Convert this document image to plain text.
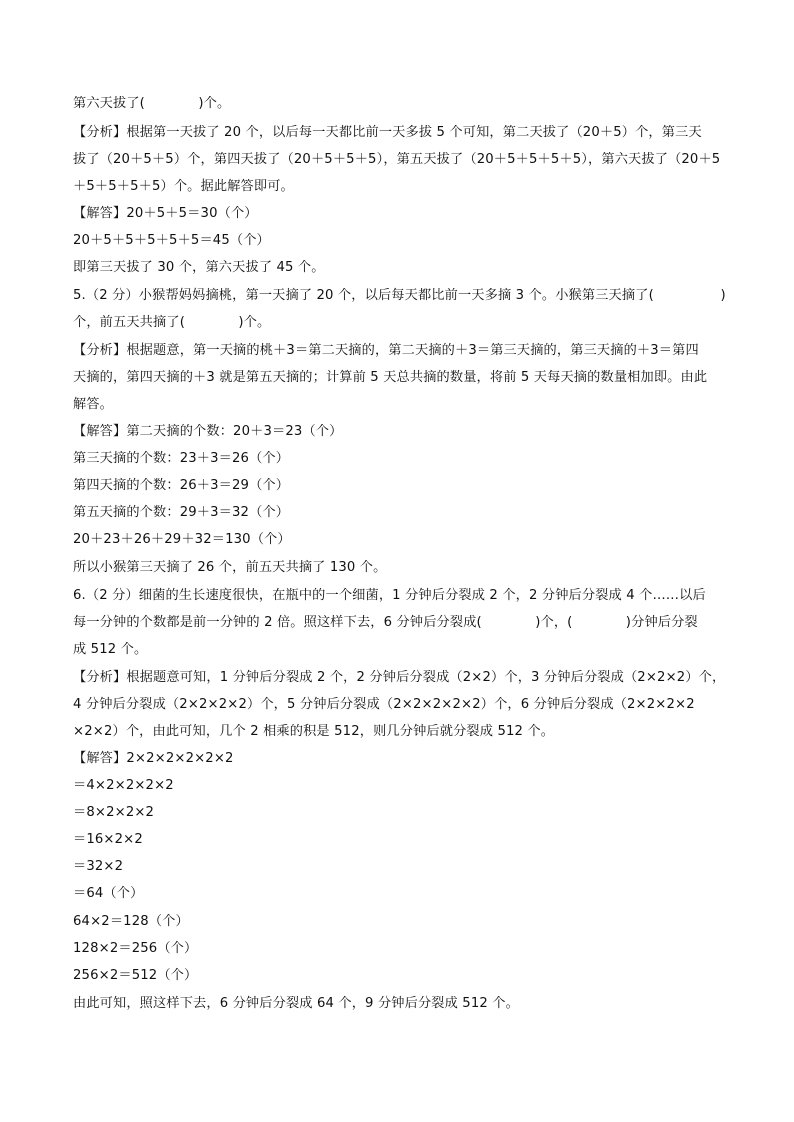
第六天拔了(　　　　)个。
【分析】根据第一天拔了 20 个，以后每一天都比前一天多拔 5 个可知，第二天拔了（20＋5）个，第三天
拔了（20＋5＋5）个，第四天拔了（20＋5＋5＋5），第五天拔了（20＋5＋5＋5＋5），第六天拔了（20＋5
＋5＋5＋5＋5）个。据此解答即可。
【解答】20＋5＋5＝30（个）
20＋5＋5＋5＋5＋5＝45（个）
即第三天拔了 30 个，第六天拔了 45 个。
5.（2 分）小猴帮妈妈摘桃，第一天摘了 20 个，以后每天都比前一天多摘 3 个。小猴第三天摘了(　　　　　)
个，前五天共摘了(　　　　)个。
【分析】根据题意，第一天摘的桃＋3＝第二天摘的，第二天摘的＋3＝第三天摘的，第三天摘的＋3＝第四
天摘的，第四天摘的＋3 就是第五天摘的；计算前 5 天总共摘的数量，将前 5 天每天摘的数量相加即。由此
解答。
【解答】第二天摘的个数：20＋3＝23（个）
第三天摘的个数：23＋3＝26（个）
第四天摘的个数：26＋3＝29（个）
第五天摘的个数：29＋3＝32（个）
20＋23＋26＋29＋32＝130（个）
所以小猴第三天摘了 26 个，前五天共摘了 130 个。
6.（2 分）细菌的生长速度很快，在瓶中的一个细菌，1 分钟后分裂成 2 个，2 分钟后分裂成 4 个……以后
每一分钟的个数都是前一分钟的 2 倍。照这样下去，6 分钟后分裂成(　　　　)个，(　　　　)分钟后分裂
成 512 个。
【分析】根据题意可知，1 分钟后分裂成 2 个，2 分钟后分裂成（2×2）个，3 分钟后分裂成（2×2×2）个，
4 分钟后分裂成（2×2×2×2）个，5 分钟后分裂成（2×2×2×2×2）个，6 分钟后分裂成（2×2×2×2
×2×2）个，由此可知，几个 2 相乘的积是 512，则几分钟后就分裂成 512 个。
【解答】2×2×2×2×2×2
＝4×2×2×2×2
＝8×2×2×2
＝16×2×2
＝32×2
＝64（个）
64×2＝128（个）
128×2＝256（个）
256×2＝512（个）
由此可知，照这样下去，6 分钟后分裂成 64 个，9 分钟后分裂成 512 个。
